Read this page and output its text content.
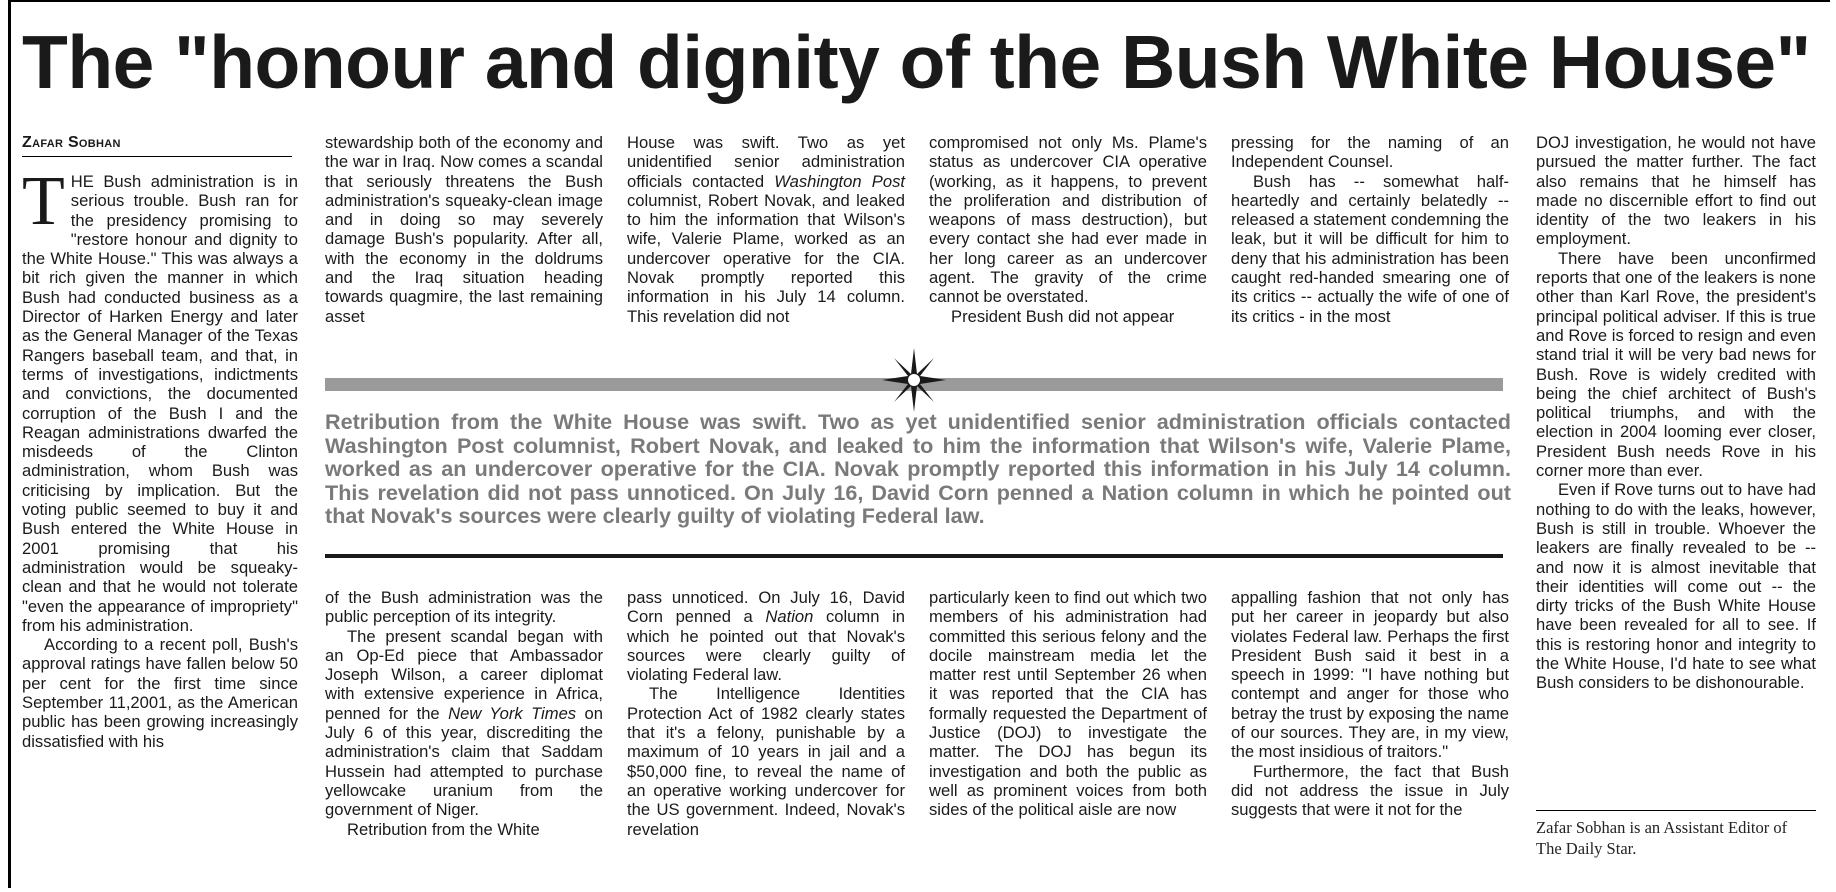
The "honour and dignity of the Bush White House"
Zafar Sobhan

THE Bush administration is in serious trouble. Bush ran for the presidency promising to "restore honour and dignity to the White House." This was always a bit rich given the manner in which Bush had conducted business as a Director of Harken Energy and later as the General Manager of the Texas Rangers baseball team, and that, in terms of investigations, indictments and convictions, the documented corruption of the Bush I and the Reagan administrations dwarfed the misdeeds of the Clinton administration, whom Bush was criticising by implication. But the voting public seemed to buy it and Bush entered the White House in 2001 promising that his administration would be squeaky-clean and that he would not tolerate "even the appearance of impropriety" from his administration.

According to a recent poll, Bush's approval ratings have fallen below 50 per cent for the first time since September 11,2001, as the American public has been growing increasingly dissatisfied with his

stewardship both of the economy and the war in Iraq. Now comes a scandal that seriously threatens the Bush administration's squeaky-clean image and in doing so may severely damage Bush's popularity. After all, with the economy in the doldrums and the Iraq situation heading towards quagmire, the last remaining asset

House was swift. Two as yet unidentified senior administration officials contacted Washington Post columnist, Robert Novak, and leaked to him the information that Wilson's wife, Valerie Plame, worked as an undercover operative for the CIA. Novak promptly reported this information in his July 14 column. This revelation did not

compromised not only Ms. Plame's status as undercover CIA operative (working, as it happens, to prevent the proliferation and distribution of weapons of mass destruction), but every contact she had ever made in her long career as an undercover agent. The gravity of the crime cannot be overstated.

President Bush did not appear

pressing for the naming of an Independent Counsel.

Bush has -- somewhat half-heartedly and certainly belatedly -- released a statement condemning the leak, but it will be difficult for him to deny that his administration has been caught red-handed smearing one of its critics -- actually the wife of one of its critics - in the most

Retribution from the White House was swift. Two as yet unidentified senior administration officials contacted Washington Post columnist, Robert Novak, and leaked to him the information that Wilson's wife, Valerie Plame, worked as an undercover operative for the CIA. Novak promptly reported this information in his July 14 column. This revelation did not pass unnoticed. On July 16, David Corn penned a Nation column in which he pointed out that Novak's sources were clearly guilty of violating Federal law.

of the Bush administration was the public perception of its integrity.

The present scandal began with an Op-Ed piece that Ambassador Joseph Wilson, a career diplomat with extensive experience in Africa, penned for the New York Times on July 6 of this year, discrediting the administration's claim that Saddam Hussein had attempted to purchase yellowcake uranium from the government of Niger.

Retribution from the White

pass unnoticed. On July 16, David Corn penned a Nation column in which he pointed out that Novak's sources were clearly guilty of violating Federal law.

The Intelligence Identities Protection Act of 1982 clearly states that it's a felony, punishable by a maximum of 10 years in jail and a $50,000 fine, to reveal the name of an operative working undercover for the US government. Indeed, Novak's revelation

particularly keen to find out which two members of his administration had committed this serious felony and the docile mainstream media let the matter rest until September 26 when it was reported that the CIA has formally requested the Department of Justice (DOJ) to investigate the matter. The DOJ has begun its investigation and both the public as well as prominent voices from both sides of the political aisle are now

appalling fashion that not only has put her career in jeopardy but also violates Federal law. Perhaps the first President Bush said it best in a speech in 1999: "I have nothing but contempt and anger for those who betray the trust by exposing the name of our sources. They are, in my view, the most insidious of traitors."

Furthermore, the fact that Bush did not address the issue in July suggests that were it not for the

DOJ investigation, he would not have pursued the matter further. The fact also remains that he himself has made no discernible effort to find out identity of the two leakers in his employment.

There have been unconfirmed reports that one of the leakers is none other than Karl Rove, the president's principal political adviser. If this is true and Rove is forced to resign and even stand trial it will be very bad news for Bush. Rove is widely credited with being the chief architect of Bush's political triumphs, and with the election in 2004 looming ever closer, President Bush needs Rove in his corner more than ever.

Even if Rove turns out to have had nothing to do with the leaks, however, Bush is still in trouble. Whoever the leakers are finally revealed to be -- and now it is almost inevitable that their identities will come out -- the dirty tricks of the Bush White House have been revealed for all to see. If this is restoring honor and integrity to the White House, I'd hate to see what Bush considers to be dishonourable.

Zafar Sobhan is an Assistant Editor of The Daily Star.
